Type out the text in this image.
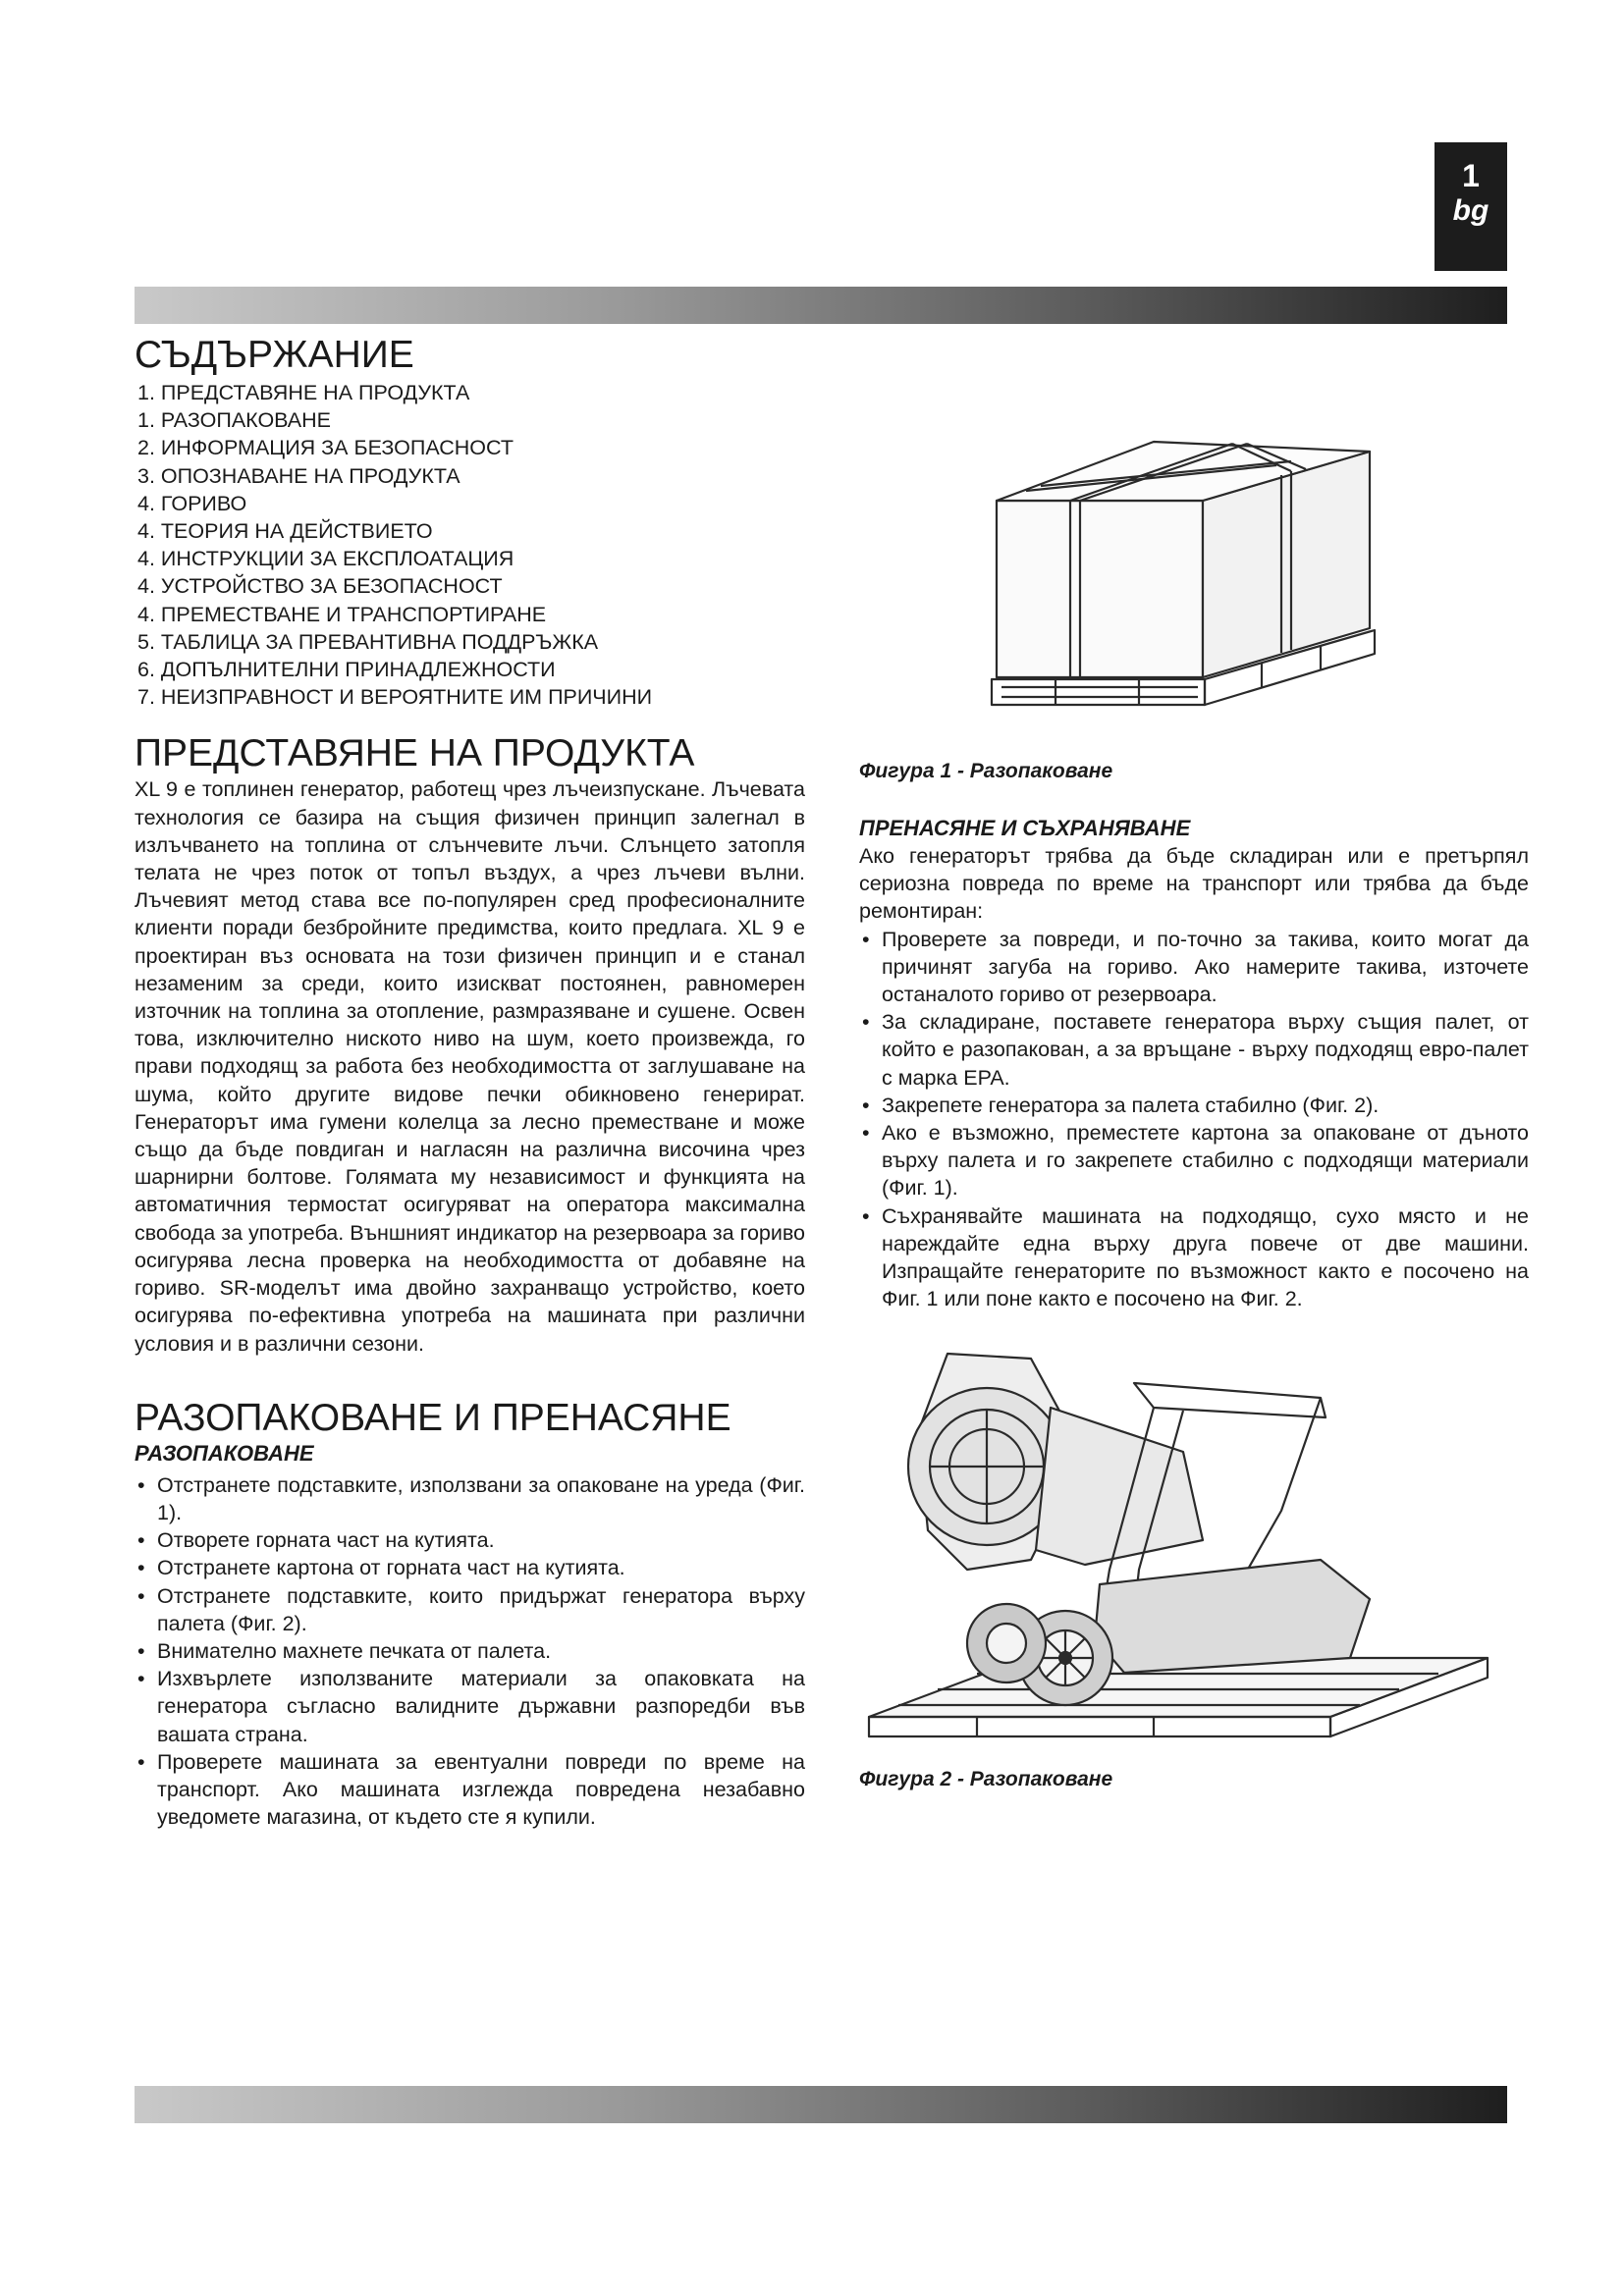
1
bg
СЪДЪРЖАНИЕ
1. ПРЕДСТАВЯНЕ НА ПРОДУКТА
1. РАЗОПАКОВАНЕ
2. ИНФОРМАЦИЯ ЗА БЕЗОПАСНОСТ
3. ОПОЗНАВАНЕ НА ПРОДУКТА
4. ГОРИВО
4. ТЕОРИЯ НА ДЕЙСТВИЕТО
4. ИНСТРУКЦИИ ЗА ЕКСПЛОАТАЦИЯ
4. УСТРОЙСТВО ЗА БЕЗОПАСНОСТ
4. ПРЕМЕСТВАНЕ И ТРАНСПОРТИРАНЕ
5. ТАБЛИЦА ЗА ПРЕВАНТИВНА ПОДДРЪЖКА
6. ДОПЪЛНИТЕЛНИ ПРИНАДЛЕЖНОСТИ
7. НЕИЗПРАВНОСТ И ВЕРОЯТНИТЕ ИМ ПРИЧИНИ
ПРЕДСТАВЯНЕ НА ПРОДУКТА

XL 9 е топлинен генератор, работещ чрез лъчеизпускане. Лъчевата технология се базира на същия физичен принцип залегнал в излъчването на топлина от слънчевите лъчи. Слънцето затопля телата не чрез поток от топъл въздух, а чрез лъчеви вълни. Лъчевият метод става все по-популярен сред професионалните клиенти поради безбройните предимства, които предлага. XL 9 е проектиран въз основата на този физичен принцип и е станал незаменим за среди, които изискват постоянен, равномерен източник на топлина за отопление, размразяване и сушене. Освен това, изключително ниското ниво на шум, което произвежда, го прави подходящ за работа без необходимостта от заглушаване на шума, който другите видове печки обикновено генерират. Генераторът има гумени колелца за лесно преместване и може също да бъде повдиган и нагласян на различна височина чрез шарнирни болтове. Голямата му независимост и функцията на автоматичния термостат осигуряват на оператора максимална свобода за употреба. Външният индикатор на резервоара за гориво осигурява лесна проверка на необходимостта от добавяне на гориво. SR-моделът има двойно захранващо устройство, което осигурява по-ефективна употреба на машината при различни условия и в различни сезони.

РАЗОПАКОВАНЕ И ПРЕНАСЯНЕ
РАЗОПАКОВАНЕ
• Отстранете подставките, използвани за опаковане на уреда (Фиг. 1).
• Отворете горната част на кутията.
• Отстранете картона от горната част на кутията.
• Отстранете подставките, които придържат генератора върху палета (Фиг. 2).
• Внимателно махнете печката от палета.
• Изхвърлете използваните материали за опаковката на генератора съгласно валидните държавни разпоредби във вашата страна.
• Проверете машината за евентуални повреди по време на транспорт. Ако машината изглежда повредена незабавно уведомете магазина, от където сте я купили.

Фигура 1 - Разопаковане

ПРЕНАСЯНЕ И СЪХРАНЯВАНЕ

Ако генераторът трябва да бъде складиран или е претърпял сериозна повреда по време на транспорт или трябва да бъде ремонтиран:

• Проверете за повреди, и по-точно за такива, които могат да причинят загуба на гориво. Ако намерите такива, източете останалото гориво от резервоара.
• За складиране, поставете генератора върху същия палет, от който е разопакован, а за връщане - върху подходящ евро-палет с марка EPA.
• Закрепете генератора за палета стабилно (Фиг. 2).
• Ако е възможно, преместете картона за опаковане от дъното върху палета и го закрепете стабилно с подходящи материали (Фиг. 1).
• Съхранявайте машината на подходящо, сухо място и не нареждайте една върху друга повече от две машини. Изпращайте генераторите по възможност както е посочено на Фиг. 1 или поне както е посочено на Фиг. 2.

Фигура 2 - Разопаковане
